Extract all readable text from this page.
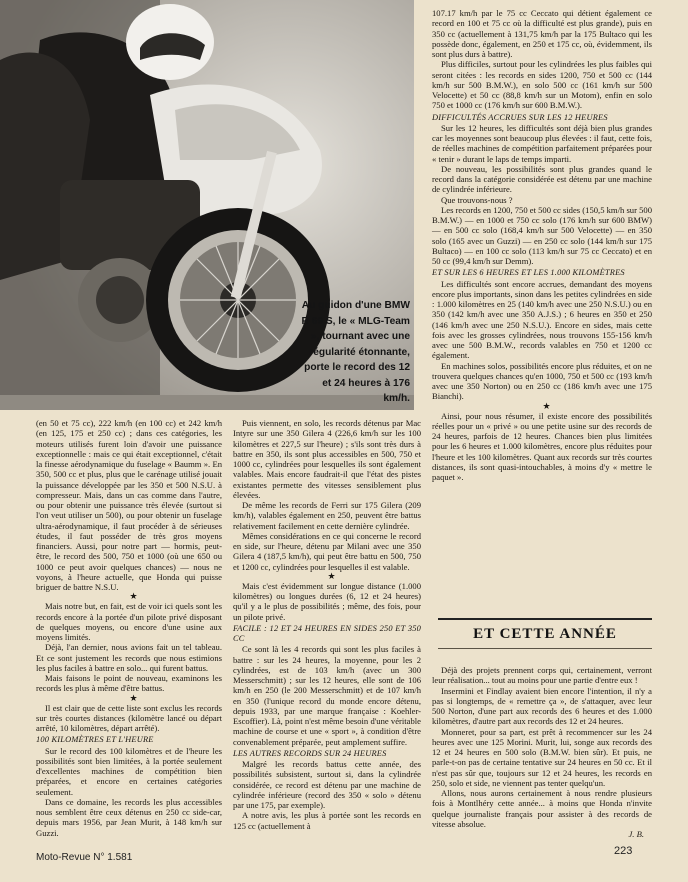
Au guidon d'une BMW R 69 S, le « MLG-Team », tournant avec une régularité étonnante, porte le record des 12 et 24 heures à 176 km/h.

(en 50 et 75 cc), 222 km/h (en 100 cc) et 242 km/h (en 125, 175 et 250 cc) ; dans ces catégories, les moteurs utilisés furent loin d'avoir une puissance exceptionnelle : mais ce qui était exceptionnel, c'était la finesse aérodynamique du fuselage « Baumm ». En 350, 500 cc et plus, plus que le carénage utilisé jouait la puissance développée par les 350 et 500 N.S.U. à compresseur. Mais, dans un cas comme dans l'autre, ou pour obtenir une puissance très élevée (surtout si l'on veut utiliser un 500), ou pour obtenir un fuselage ultra-aérodynamique, il faut procéder à de sérieuses études, il faut posséder de très gros moyens financiers. Aussi, pour notre part — hormis, peut-être, le record des 500, 750 et 1000 (où une 650 ou 1000 ce peut avoir quelques chances) — nous ne voyons, à l'heure actuelle, que Honda qui puisse briguer de battre N.S.U.

★

Mais notre but, en fait, est de voir ici quels sont les records encore à la portée d'un pilote privé disposant de quelques moyens, ou encore d'une usine aux moyens limités.

Déjà, l'an dernier, nous avions fait un tel tableau. Et ce sont justement les records que nous estimions les plus faciles à battre en solo... qui furent battus.

Mais faisons le point de nouveau, examinons les records les plus à même d'être battus.

★

Il est clair que de cette liste sont exclus les records sur très courtes distances (kilomètre lancé ou départ arrêté, 10 kilomètres, départ arrêté).

100 KILOMÈTRES ET L'HEURE

Sur le record des 100 kilomètres et de l'heure les possibilités sont bien limitées, à la portée seulement d'excellentes machines de compétition bien préparées, et encore en certaines catégories seulement.

Dans ce domaine, les records les plus accessibles nous semblent être ceux détenus en 250 cc side-car, depuis mars 1956, par Jean Murit, à 148 km/h sur Guzzi.

Puis viennent, en solo, les records détenus par Mac Intyre sur une 350 Gilera 4 (226,6 km/h sur les 100 kilomètres et 227,5 sur l'heure) ; s'ils sont très durs à battre en 350, ils sont plus accessibles en 500, 750 et 1000 cc, cylindrées pour lesquelles ils sont également valables. Mais encore faudrait-il que l'état des pistes existantes permette des vitesses sensiblement plus élevées.

De même les records de Ferri sur 175 Gilera (209 km/h), valables également en 250, peuvent être battus relativement facilement en cette dernière cylindrée.

Mêmes considérations en ce qui concerne le record en side, sur l'heure, détenu par Milani avec une 350 Gilera 4 (187,5 km/h), qui peut être battu en 500, 750 et 1200 cc, cylindrées pour lesquelles il est valable.

★

Mais c'est évidemment sur longue distance (1.000 kilomètres) ou longues durées (6, 12 et 24 heures) qu'il y a le plus de possibilités ; même, des fois, pour un pilote privé.

FACILE : 12 ET 24 HEURES EN SIDES 250 ET 350 CC

Ce sont là les 4 records qui sont les plus faciles à battre : sur les 24 heures, la moyenne, pour les 2 cylindrées, est de 103 km/h (avec un 300 Messerschmitt) ; sur les 12 heures, elle sont de 106 km/h en 250 (le 200 Messerschmitt) et de 107 km/h en 350 (l'unique record du monde encore détenu, depuis 1933, par une marque française : Koehler-Escoffier). Là, point n'est même besoin d'une véritable machine de course et une « sport », à condition d'être convenablement préparée, peut amplement suffire.

LES AUTRES RECORDS SUR 24 HEURES

Malgré les records battus cette année, des possibilités subsistent, surtout si, dans la cylindrée considérée, ce record est détenu par une machine de cylindrée inférieure (record des 350 « solo » détenu par une 175, par exemple).

A notre avis, les plus à portée sont les records en 125 cc (actuellement à

107.17 km/h par le 75 cc Ceccato qui détient également ce record en 100 et 75 cc où la difficulté est plus grande), puis en 350 cc (actuellement à 131,75 km/h par la 175 Bultaco qui les possède donc, également, en 250 et 175 cc, où, évidemment, ils sont plus durs à battre).

Plus difficiles, surtout pour les cylindrées les plus faibles qui seront citées : les records en sides 1200, 750 et 500 cc (144 km/h sur 500 B.M.W.), en solo 500 cc (161 km/h sur 500 Velocette) et 50 cc (88,8 km/h sur un Motom), enfin en solo 750 et 1000 cc (176 km/h sur 600 B.M.W.).

DIFFICULTÉS ACCRUES SUR LES 12 HEURES

Sur les 12 heures, les difficultés sont déjà bien plus grandes car les moyennes sont beaucoup plus élevées : il faut, cette fois, de réelles machines de compétition parfaitement préparées pour « tenir » durant le laps de temps imparti.

De nouveau, les possibilités sont plus grandes quand le record dans la catégorie considérée est détenu par une machine de cylindrée inférieure.

Que trouvons-nous ?

Les records en 1200, 750 et 500 cc sides (150,5 km/h sur 500 B.M.W.) — en 1000 et 750 cc solo (176 km/h sur 600 BMW) — en 500 cc solo (168,4 km/h sur 500 Velocette) — en 350 solo (165 avec un Guzzi) — en 250 cc solo (144 km/h sur 175 Bultaco) — en 100 cc solo (113 km/h sur 75 cc Ceccato) et en 50 cc (99,4 km/h sur Demm).

ET SUR LES 6 HEURES ET LES 1.000 KILOMÈTRES

Les difficultés sont encore accrues, demandant des moyens encore plus importants, sinon dans les petites cylindrées en side : 1.000 kilomètres en 25 (140 km/h avec une 250 N.S.U.) ou en 350 (142 km/h avec une 350 A.J.S.) ; 6 heures en 350 et 250 (146 km/h avec une 250 N.S.U.). Encore en sides, mais cette fois avec les grosses cylindrées, nous trouvons 155-156 km/h avec une 500 B.M.W., records valables en 750 et 1200 cc également.

En machines solos, possibilités encore plus réduites, et on ne trouvera quelques chances qu'en 1000, 750 et 500 cc (193 km/h avec une 350 Norton) ou en 250 cc (186 km/h avec une 175 Bianchi).

★

Ainsi, pour nous résumer, il existe encore des possibilités réelles pour un « privé » ou une petite usine sur des records de 24 heures, parfois de 12 heures. Chances bien plus limitées pour les 6 heures et 1.000 kilomètres, encore plus réduites pour l'heure et les 100 kilomètres. Quant aux records sur très courtes distances, ils sont quasi-intouchables, à moins d'y « mettre le paquet ».

ET CETTE ANNÉE

Déjà des projets prennent corps qui, certainement, verront leur réalisation... tout au moins pour une partie d'entre eux !

Insermini et Findlay avaient bien encore l'intention, il n'y a pas si longtemps, de « remettre ça », de s'attaquer, avec leur 500 Norton, d'une part aux records des 6 heures et des 1.000 kilomètres, d'autre part aux records des 12 et 24 heures.

Monneret, pour sa part, est prêt à recommencer sur les 24 heures avec une 125 Morini. Murit, lui, songe aux records des 12 et 24 heures en 500 solo (B.M.W. bien sûr). Et puis, ne parle-t-on pas de certaine tentative sur 24 heures en 50 cc. Et il n'est pas sûr que, toujours sur 12 et 24 heures, les records en 250, solo et side, ne viennent pas tenter quelqu'un.

Allons, nous aurons certainement à nous rendre plusieurs fois à Montlhéry cette année... à moins que Honda n'invite quelque journaliste français pour assister à des records de vitesse absolue.

J. B.
Moto-Revue N° 1.581
223
